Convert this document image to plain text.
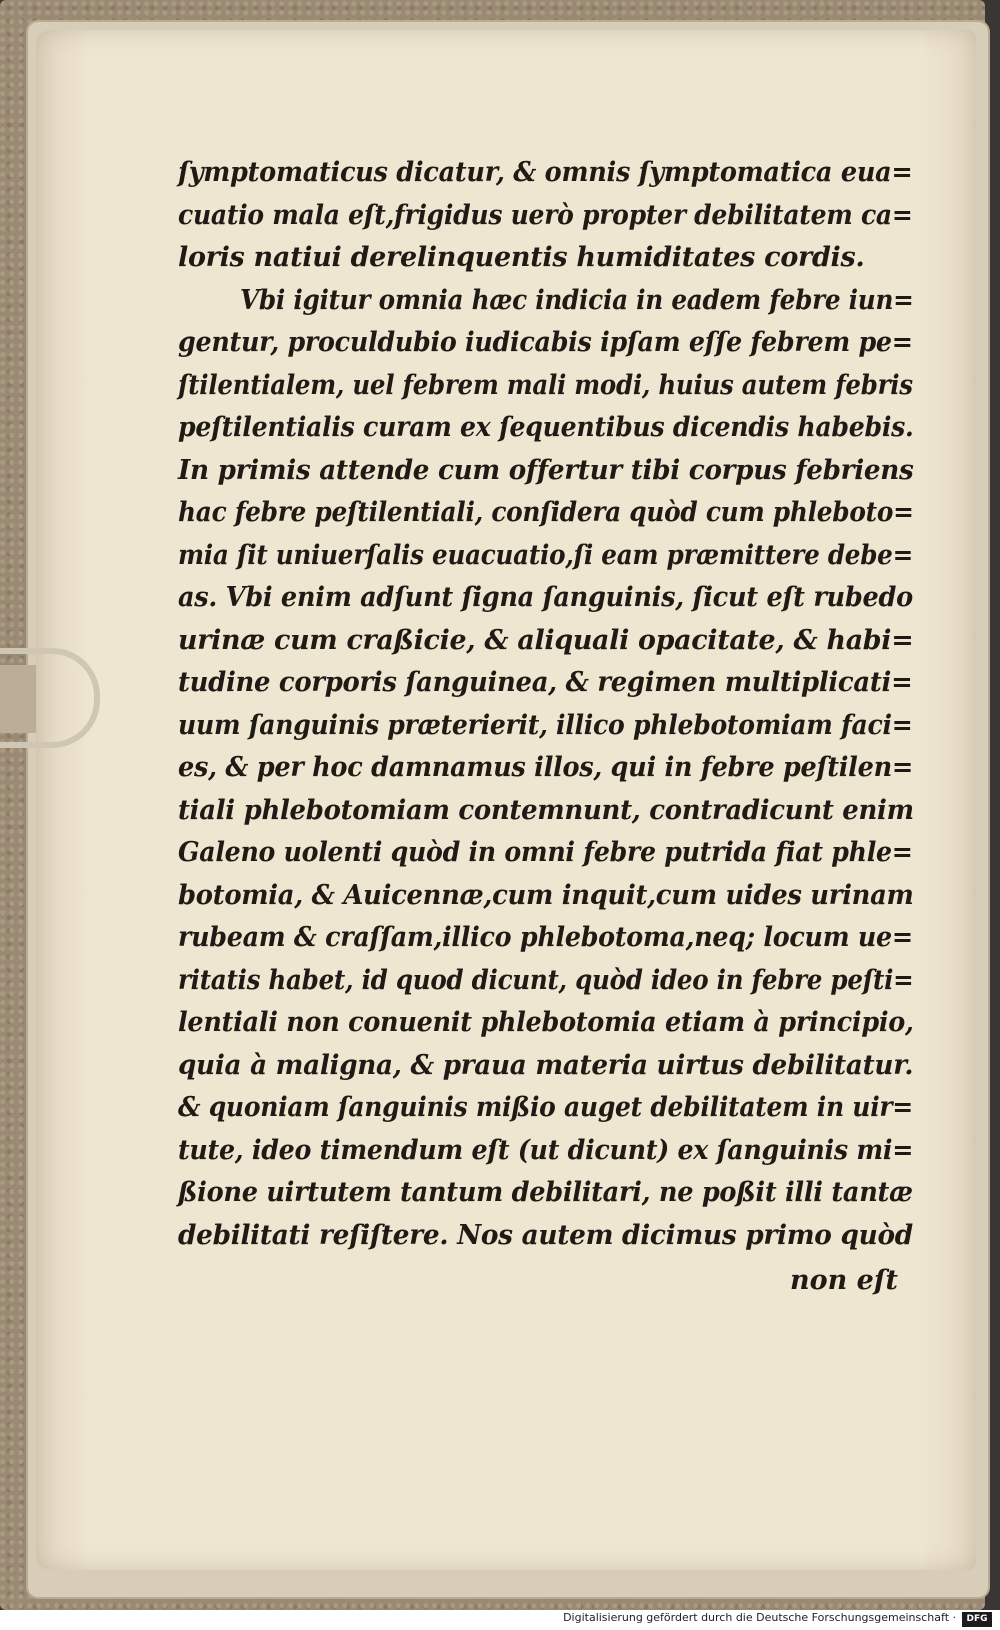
ſymptomaticus dicatur, & omnis ſymptomatica eua=
cuatio mala eſt,frigidus uerò propter debilitatem ca=
loris natiui derelinquentis humiditates cordis.
Vbi igitur omnia hæc indicia in eadem febre iun=
gentur, proculdubio iudicabis ipſam eſſe febrem pe=
ſtilentialem, uel febrem mali modi, huius autem febris
peſtilentialis curam ex ſequentibus dicendis habebis.
In primis attende cum offertur tibi corpus febriens
hac febre peſtilentiali, conſidera quòd cum phleboto=
mia ſit uniuerſalis euacuatio,ſi eam præmittere debe=
as. Vbi enim adſunt ſigna ſanguinis, ſicut eſt rubedo
urinæ cum craßicie, & aliquali opacitate, & habi=
tudine corporis ſanguinea, & regimen multiplicati=
uum ſanguinis præterierit, illico phlebotomiam faci=
es, & per hoc damnamus illos, qui in febre peſtilen=
tiali phlebotomiam contemnunt, contradicunt enim
Galeno uolenti quòd in omni febre putrida fiat phle=
botomia, & Auicennæ,cum inquit,cum uides urinam
rubeam & craſſam,illico phlebotoma,neq; locum ue=
ritatis habet, id quod dicunt, quòd ideo in febre peſti=
lentiali non conuenit phlebotomia etiam à principio,
quia à maligna, & praua materia uirtus debilitatur.
& quoniam ſanguinis mißio auget debilitatem in uir=
tute, ideo timendum eſt (ut dicunt) ex ſanguinis mi=
ßione uirtutem tantum debilitari, ne poßit illi tantæ
debilitati reſiſtere. Nos autem dicimus primo quòd
non eſt
Digitalisierung gefördert durch die Deutsche Forschungsgemeinschaft ·	DFG
